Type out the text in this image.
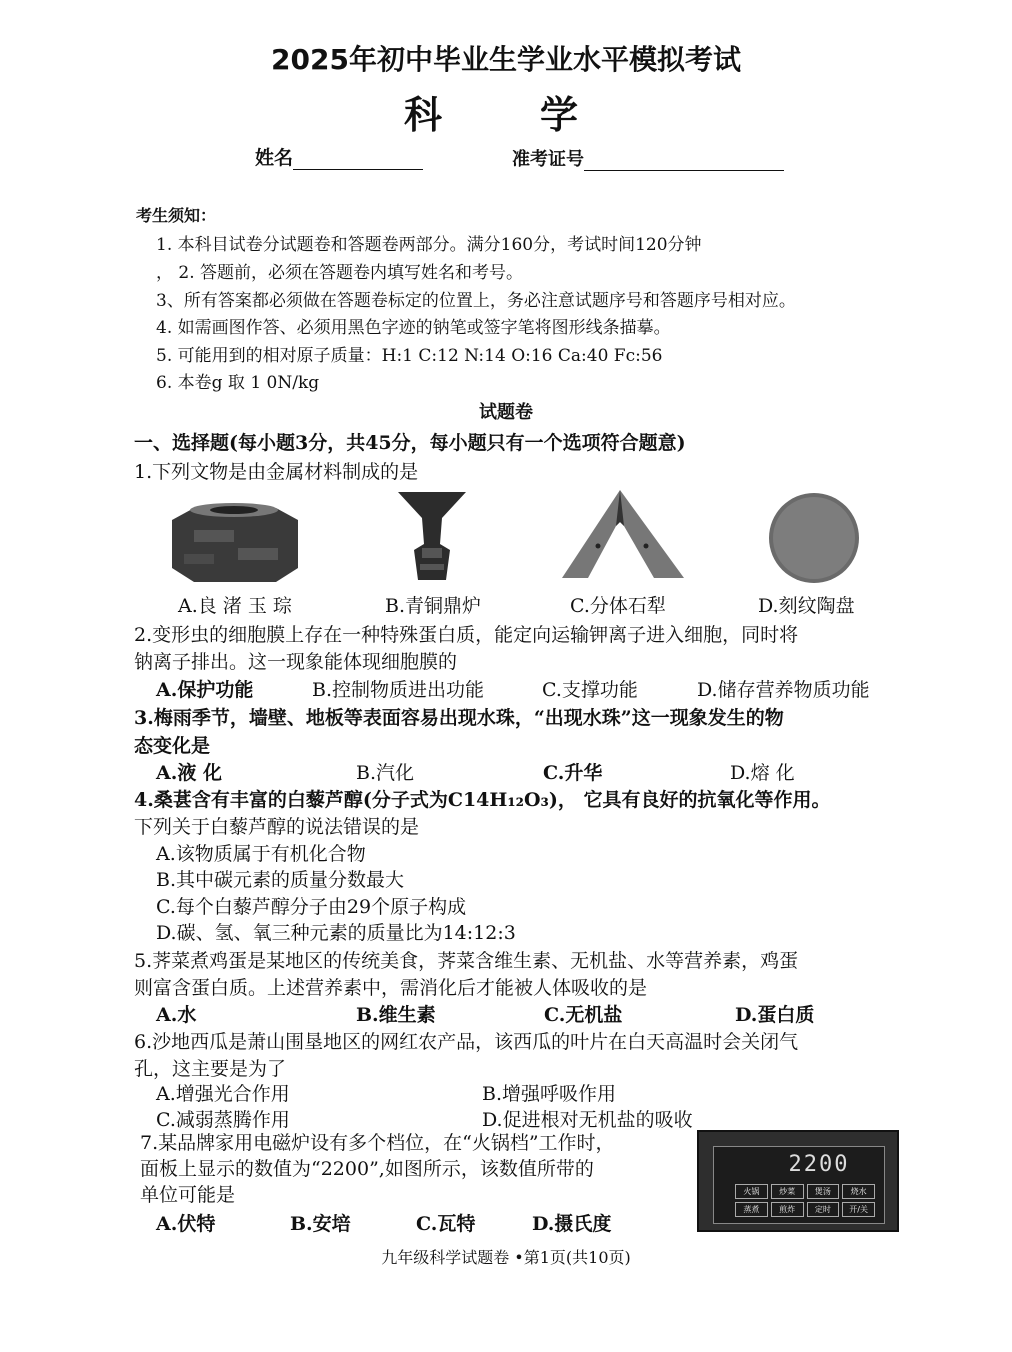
2025年初中毕业生学业水平模拟考试
科　学
姓名	准考证号
考生须知：
1. 本科目试卷分试题卷和答题卷两部分。满分160分，考试时间120分钟
， 2. 答题前，必须在答题卷内填写姓名和考号。
3、所有答案都必须做在答题卷标定的位置上，务必注意试题序号和答题序号相对应。
4. 如需画图作答、必须用黑色字迹的钠笔或签字笔将图形线条描摹。
5. 可能用到的相对原子质量：H:1 C:12 N:14 O:16 Ca:40 Fc:56
6. 本卷g 取 1 0N/kg
试题卷
一、选择题(每小题3分，共45分，每小题只有一个选项符合题意)
1.下列文物是由金属材料制成的是
A.良 渚 玉 琮	B.青铜鼎炉	C.分体石犁	D.刻纹陶盘
2.变形虫的细胞膜上存在一种特殊蛋白质，能定向运输钾离子进入细胞，同时将
钠离子排出。这一现象能体现细胞膜的
A.保护功能	B.控制物质进出功能	C.支撑功能	D.储存营养物质功能
3.梅雨季节，墙壁、地板等表面容易出现水珠，“出现水珠”这一现象发生的物
态变化是
A.液 化	B.汽化	C.升华	D.熔 化
4.桑葚含有丰富的白藜芦醇(分子式为C14H₁₂O₃)， 它具有良好的抗氧化等作用。
下列关于白藜芦醇的说法错误的是
A.该物质属于有机化合物
B.其中碳元素的质量分数最大
C.每个白藜芦醇分子由29个原子构成
D.碳、氢、氧三种元素的质量比为14:12:3
5.荠菜煮鸡蛋是某地区的传统美食，荠菜含维生素、无机盐、水等营养素，鸡蛋
则富含蛋白质。上述营养素中，需消化后才能被人体吸收的是
A.水	B.维生素	C.无机盐	D.蛋白质
6.沙地西瓜是萧山围垦地区的网红农产品，该西瓜的叶片在白天高温时会关闭气
孔，这主要是为了
A.增强光合作用	B.增强呼吸作用
C.减弱蒸腾作用	D.促进根对无机盐的吸收
7.某品牌家用电磁炉设有多个档位，在“火锅档”工作时，
面板上显示的数值为“2200”,如图所示，该数值所带的
单位可能是
A.伏特	B.安培	C.瓦特	D.摄氏度
2200
火锅	炒菜	煲汤	烧水
蒸煮	煎炸	定时	开/关
九年级科学试题卷 •第1页(共10页)
